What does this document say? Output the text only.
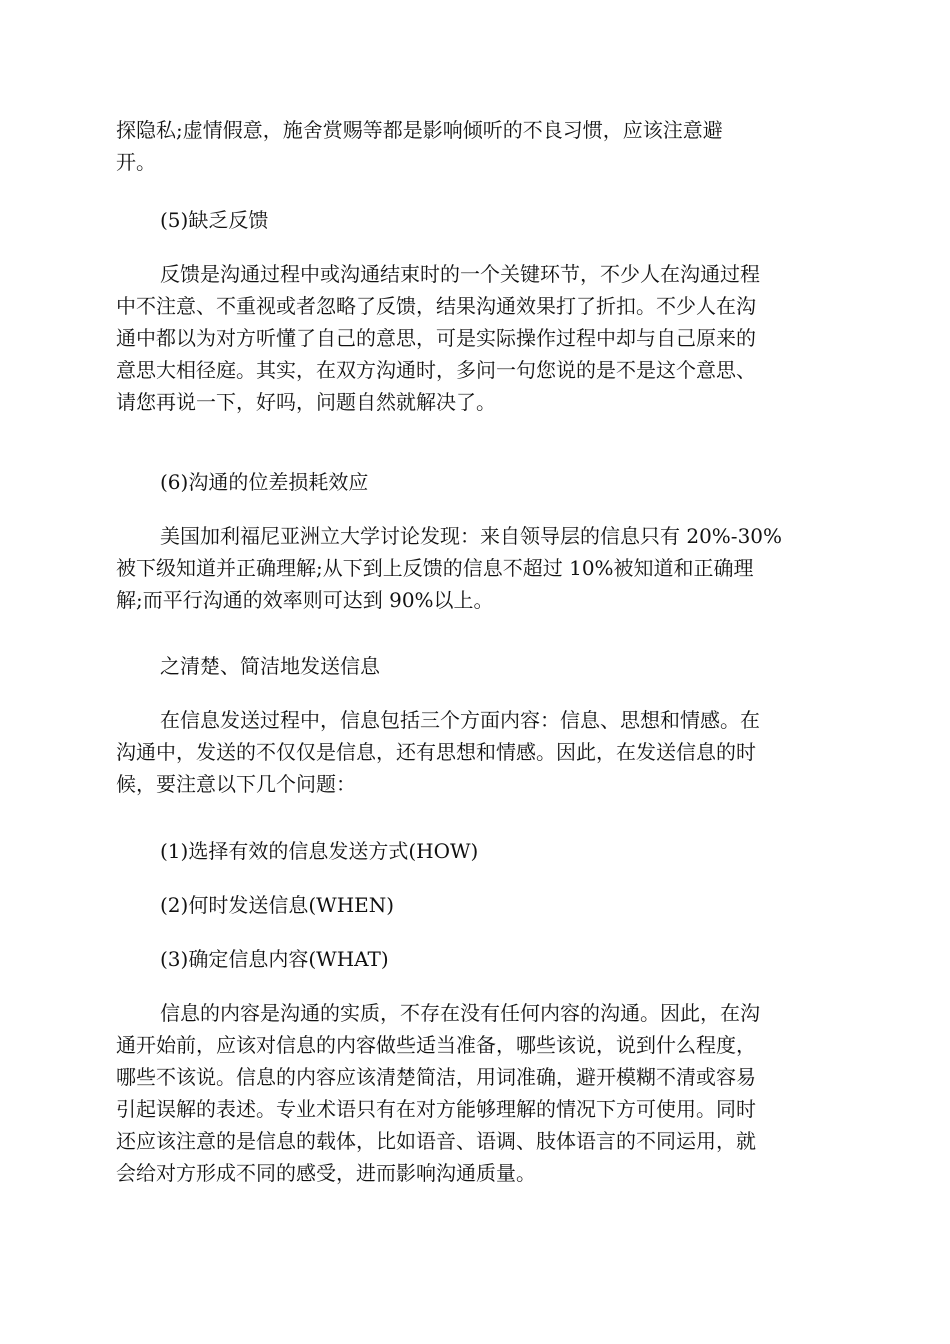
探隐私;虚情假意，施舍赏赐等都是影响倾听的不良习惯，应该注意避
开。
(5)缺乏反馈
反馈是沟通过程中或沟通结束时的一个关键环节，不少人在沟通过程
中不注意、不重视或者忽略了反馈，结果沟通效果打了折扣。不少人在沟
通中都以为对方听懂了自己的意思，可是实际操作过程中却与自己原来的
意思大相径庭。其实，在双方沟通时，多问一句您说的是不是这个意思、
请您再说一下，好吗，问题自然就解决了。
(6)沟通的位差损耗效应
美国加利福尼亚洲立大学讨论发现：来自领导层的信息只有 20%-30%
被下级知道并正确理解;从下到上反馈的信息不超过 10%被知道和正确理
解;而平行沟通的效率则可达到 90%以上。
之清楚、简洁地发送信息
在信息发送过程中，信息包括三个方面内容：信息、思想和情感。在
沟通中，发送的不仅仅是信息，还有思想和情感。因此，在发送信息的时
候，要注意以下几个问题：
(1)选择有效的信息发送方式(HOW)
(2)何时发送信息(WHEN)
(3)确定信息内容(WHAT)
信息的内容是沟通的实质，不存在没有任何内容的沟通。因此，在沟
通开始前，应该对信息的内容做些适当准备，哪些该说，说到什么程度，
哪些不该说。信息的内容应该清楚简洁，用词准确，避开模糊不清或容易
引起误解的表述。专业术语只有在对方能够理解的情况下方可使用。同时
还应该注意的是信息的载体，比如语音、语调、肢体语言的不同运用，就
会给对方形成不同的感受，进而影响沟通质量。
